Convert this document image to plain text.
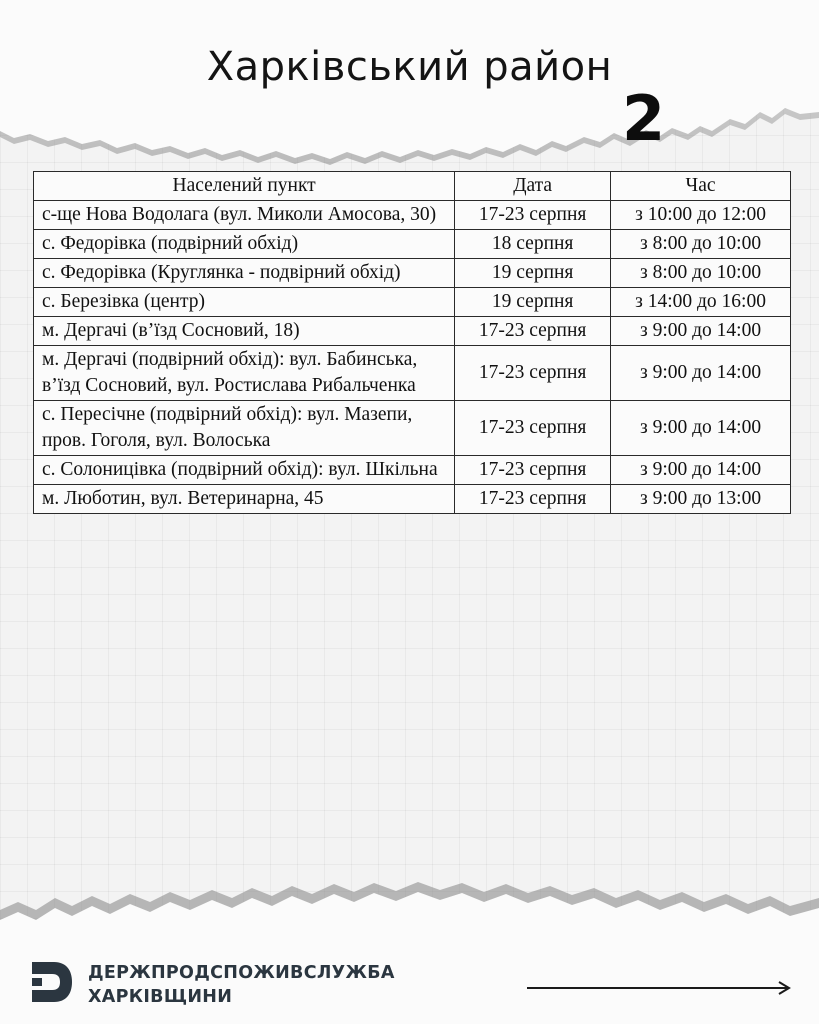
Харківський район
2
Населений пункт	Дата	Час
с-ще Нова Водолага (вул. Миколи Амосова, 30)	17-23 серпня	з 10:00 до 12:00
с. Федорівка (подвірний обхід)	18 серпня	з 8:00 до 10:00
с. Федорівка (Круглянка - подвірний обхід)	19 серпня	з 8:00 до 10:00
с. Березівка (центр)	19 серпня	з 14:00 до 16:00
м. Дергачі (в’їзд Сосновий, 18)	17-23 серпня	з 9:00 до 14:00
м. Дергачі (подвірний обхід): вул. Бабинська, в’їзд Сосновий, вул. Ростислава Рибальченка	17-23 серпня	з 9:00 до 14:00
с. Пересічне (подвірний обхід): вул. Мазепи, пров. Гоголя, вул. Волоська	17-23 серпня	з 9:00 до 14:00
с. Солоницівка (подвірний обхід): вул. Шкільна	17-23 серпня	з 9:00 до 14:00
м. Люботин, вул. Ветеринарна, 45	17-23 серпня	з 9:00 до 13:00
ДЕРЖПРОДСПОЖИВСЛУЖБА
ХАРКІВЩИНИ
